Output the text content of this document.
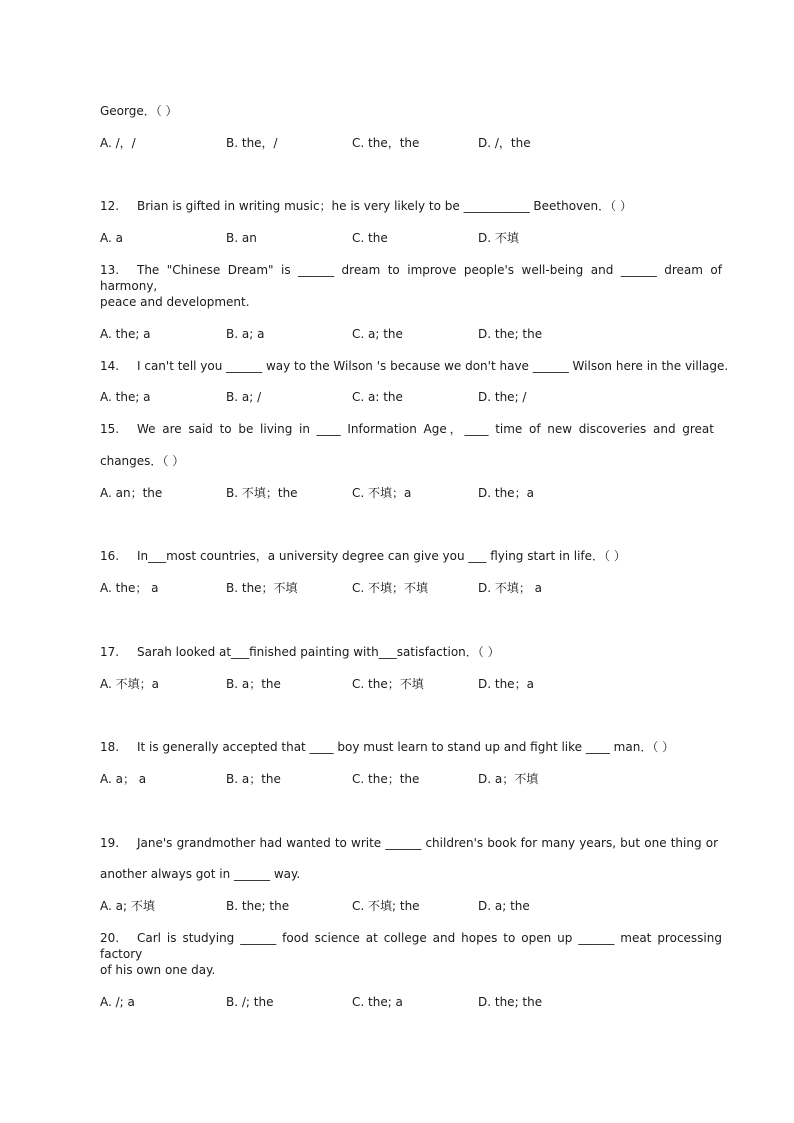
George．（ ）
A. /，/	B. the，/	C. the，the	D. /，the
12. Brian is gifted in writing music；he is very likely to be ___________ Beethoven．（ ）
A. a	B. an	C. the	D. 不填
13. The "Chinese Dream" is ______ dream to improve people's well-being and ______ dream of harmony,
peace and development.
A. the; a	B. a; a	C. a; the	D. the; the
14. I can't tell you ______ way to the Wilson 's because we don't have ______ Wilson here in the village.
A. the; a	B. a; /	C. a: the	D. the; /
15. We are said to be living in ____ Information Age，____ time of new discoveries and great
changes．（ ）
A. an；the	B. 不填；the	C. 不填；a	D. the；a
16. In___most countries，a university degree can give you ___ flying start in life．（ ）
A. the； a	B. the；不填	C. 不填；不填	D. 不填； a
17. Sarah looked at___finished painting with___satisfaction．（ ）
A. 不填；a	B. a；the	C. the；不填	D. the；a
18. It is generally accepted that ____ boy must learn to stand up and fight like ____ man．（ ）
A. a； a	B. a；the	C. the；the	D. a；不填
19. Jane's grandmother had wanted to write ______ children's book for many years, but one thing or
another always got in ______ way.
A. a; 不填	B. the; the	C. 不填; the	D. a; the
20. Carl is studying ______ food science at college and hopes to open up ______ meat processing factory
of his own one day.
A. /; a	B. /; the	C. the; a	D. the; the
